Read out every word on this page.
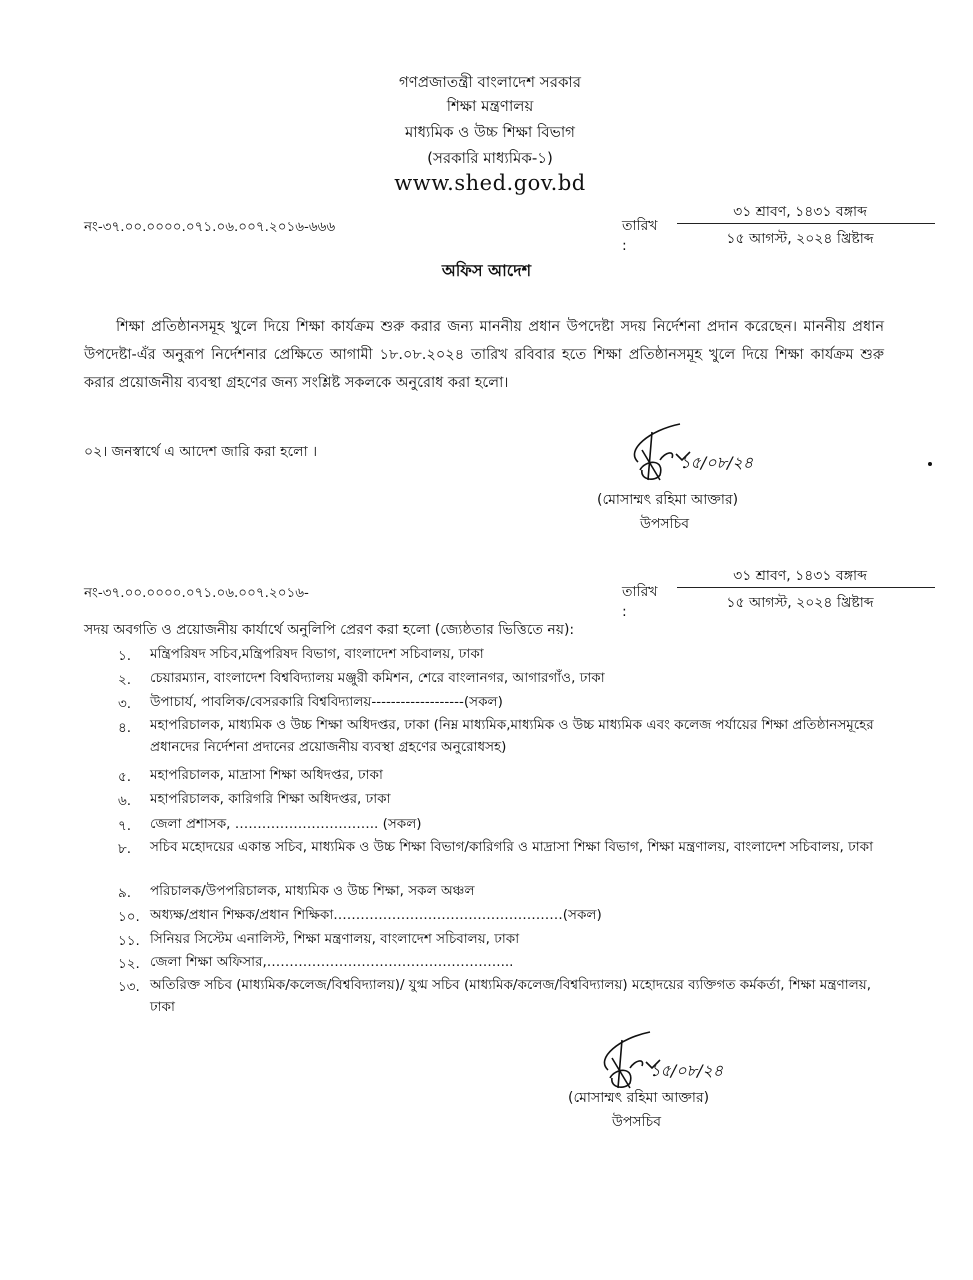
গণপ্রজাতন্ত্রী বাংলাদেশ সরকার
শিক্ষা মন্ত্রণালয়
মাধ্যমিক ও উচ্চ শিক্ষা বিভাগ
(সরকারি মাধ্যমিক-১)
www.shed.gov.bd
নং-৩৭.০০.০০০০.০৭১.০৬.০০৭.২০১৬-৬৬৬	তারিখ :
৩১ শ্রাবণ, ১৪৩১ বঙ্গাব্দ
১৫ আগস্ট, ২০২৪ খ্রিষ্টাব্দ
অফিস আদেশ
শিক্ষা প্রতিষ্ঠানসমূহ খুলে দিয়ে শিক্ষা কার্যক্রম শুরু করার জন্য মাননীয় প্রধান উপদেষ্টা সদয় নির্দেশনা প্রদান করেছেন। মাননীয় প্রধান উপদেষ্টা-এঁর অনুরূপ নির্দেশনার প্রেক্ষিতে আগামী ১৮.০৮.২০২৪ তারিখ রবিবার হতে শিক্ষা প্রতিষ্ঠানসমূহ খুলে দিয়ে শিক্ষা কার্যক্রম শুরু করার প্রয়োজনীয় ব্যবস্থা গ্রহণের জন্য সংশ্লিষ্ট সকলকে অনুরোধ করা হলো।
০২। জনস্বার্থে এ আদেশ জারি করা হলো ।
১৫/০৮/২৪
(মোসাম্মৎ রহিমা আক্তার)
উপসচিব
নং-৩৭.০০.০০০০.০৭১.০৬.০০৭.২০১৬-	তারিখ :
৩১ শ্রাবণ, ১৪৩১ বঙ্গাব্দ
১৫ আগস্ট, ২০২৪ খ্রিষ্টাব্দ
সদয় অবগতি ও প্রয়োজনীয় কার্যার্থে অনুলিপি প্রেরণ করা হলো (জ্যেষ্ঠতার ভিত্তিতে নয়):
১. মন্ত্রিপরিষদ সচিব,মন্ত্রিপরিষদ বিভাগ, বাংলাদেশ সচিবালয়, ঢাকা
২. চেয়ারম্যান, বাংলাদেশ বিশ্ববিদ্যালয় মঞ্জুরী কমিশন, শেরে বাংলানগর, আগারগাঁও, ঢাকা
৩. উপাচার্য, পাবলিক/বেসরকারি বিশ্ববিদ্যালয়-------------------(সকল)
৪. মহাপরিচালক, মাধ্যমিক ও উচ্চ শিক্ষা অধিদপ্তর, ঢাকা (নিম্ন মাধ্যমিক,মাধ্যমিক ও উচ্চ মাধ্যমিক এবং কলেজ পর্যায়ের শিক্ষা প্রতিষ্ঠানসমূহের প্রধানদের নির্দেশনা প্রদানের প্রয়োজনীয় ব্যবস্থা গ্রহণের অনুরোধসহ)
৫. মহাপরিচালক, মাদ্রাসা শিক্ষা অধিদপ্তর, ঢাকা
৬. মহাপরিচালক, কারিগরি শিক্ষা অধিদপ্তর, ঢাকা
৭. জেলা প্রশাসক, ………………………….. (সকল)
৮. সচিব মহোদয়ের একান্ত সচিব, মাধ্যমিক ও উচ্চ শিক্ষা বিভাগ/কারিগরি ও মাদ্রাসা শিক্ষা বিভাগ, শিক্ষা মন্ত্রণালয়, বাংলাদেশ সচিবালয়, ঢাকা
৯. পরিচালক/উপপরিচালক, মাধ্যমিক ও উচ্চ শিক্ষা, সকল অঞ্চল
১০. অধ্যক্ষ/প্রধান শিক্ষক/প্রধান শিক্ষিকা……………………………………………(সকল)
১১. সিনিয়র সিস্টেম এনালিস্ট, শিক্ষা মন্ত্রণালয়, বাংলাদেশ সচিবালয়, ঢাকা
১২. জেলা শিক্ষা অফিসার,……………………………………………....
১৩. অতিরিক্ত সচিব (মাধ্যমিক/কলেজ/বিশ্ববিদ্যালয়)/ যুগ্ম সচিব (মাধ্যমিক/কলেজ/বিশ্ববিদ্যালয়) মহোদয়ের ব্যক্তিগত কর্মকর্তা, শিক্ষা মন্ত্রণালয়, ঢাকা
১৫/০৮/২৪
(মোসাম্মৎ রহিমা আক্তার)
উপসচিব
